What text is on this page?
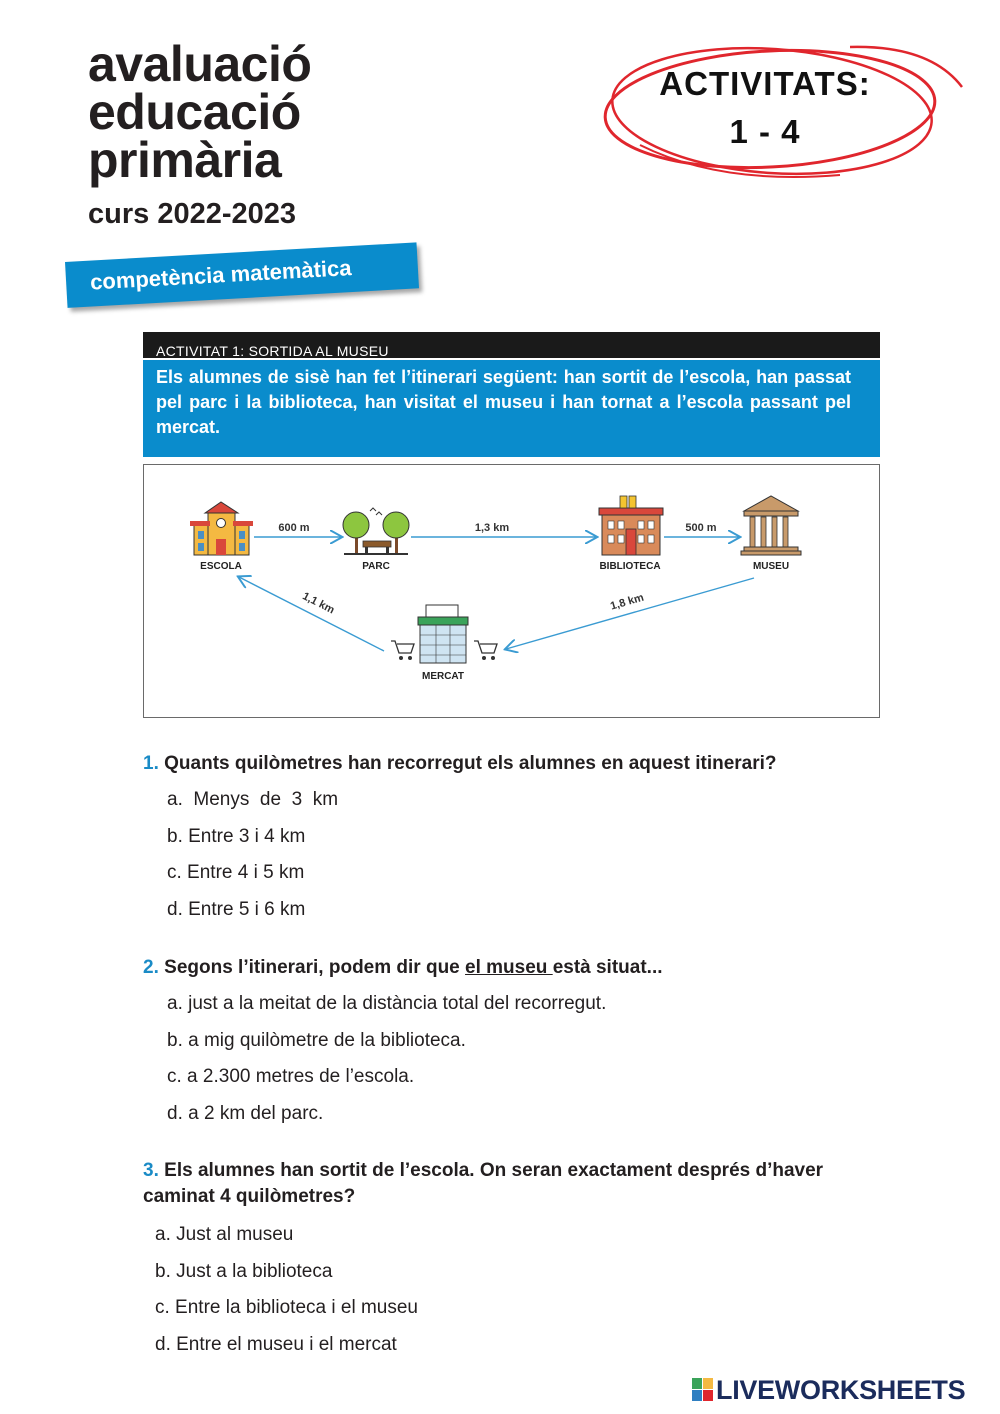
avaluació
educació
primària
curs 2022-2023
ACTIVITATS:
1 - 4
competència matemàtica
ACTIVITAT 1: SORTIDA AL MUSEU

Els alumnes de sisè han fet l’itinerari següent: han sortit de l’escola, han passat pel parc i la biblioteca, han visitat el museu i han tornat a l’escola passant pel mercat.

600 m	1,3 km	500 m
1,1 km	1,8 km
ESCOLA	PARC	BIBLIOTECA	MUSEU
MERCAT
1. Quants quilòmetres han recorregut els alumnes en aquest itinerari?
a.  Menys  de  3  km
b. Entre 3 i 4 km
c. Entre 4 i 5 km
d. Entre 5 i 6 km
2. Segons l’itinerari, podem dir que el museu està situat...
a. just a la meitat de la distància total del recorregut.
b. a mig quilòmetre de la biblioteca.
c. a 2.300 metres de l’escola.
d. a 2 km del parc.
3. Els alumnes han sortit de l’escola. On seran exactament després d’haver
caminat 4 quilòmetres?
a. Just al museu
b. Just a la biblioteca
c. Entre la biblioteca i el museu
d. Entre el museu i el mercat
LIVEWORKSHEETS
